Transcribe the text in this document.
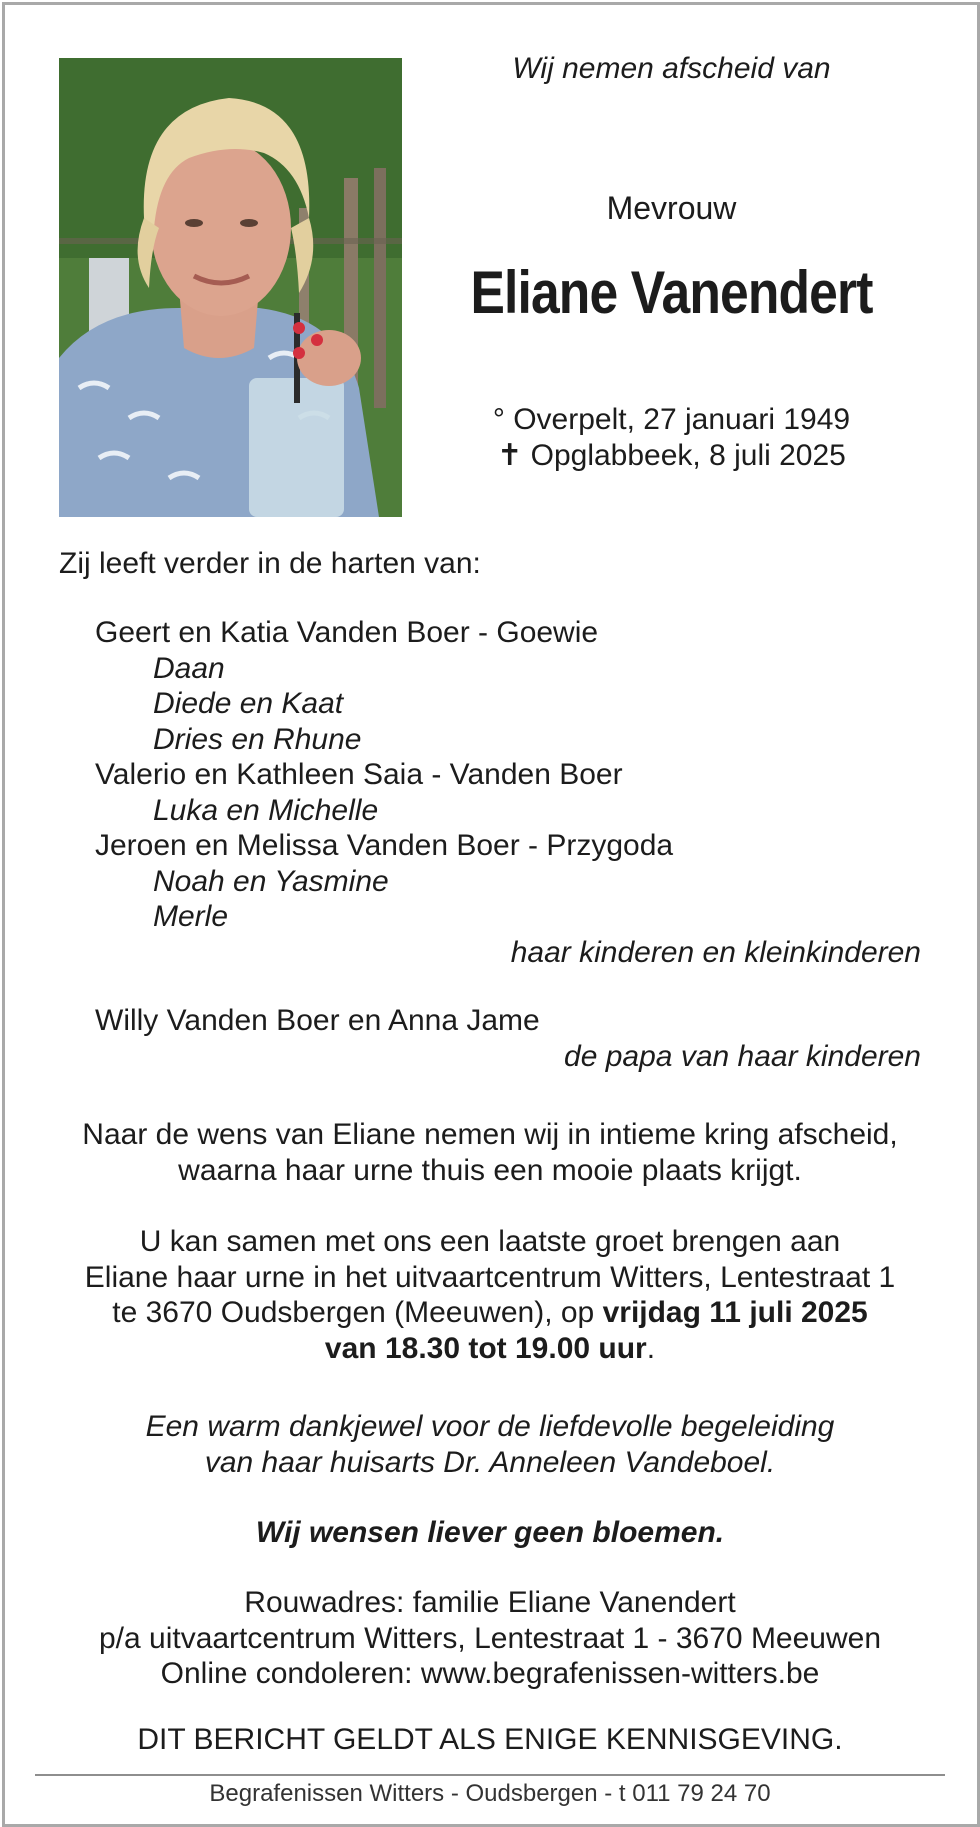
Wij nemen afscheid van
Mevrouw
Eliane Vanendert
° Overpelt, 27 januari 1949
✝ Opglabbeek, 8 juli 2025
Zij leeft verder in de harten van:
Geert en Katia Vanden Boer - Goewie
Daan
Diede en Kaat
Dries en Rhune
Valerio en Kathleen Saia - Vanden Boer
Luka en Michelle
Jeroen en Melissa Vanden Boer - Przygoda
Noah en Yasmine
Merle
haar kinderen en kleinkinderen
Willy Vanden Boer en Anna Jame
de papa van haar kinderen
Naar de wens van Eliane nemen wij in intieme kring afscheid,
waarna haar urne thuis een mooie plaats krijgt.
U kan samen met ons een laatste groet brengen aan
Eliane haar urne in het uitvaartcentrum Witters, Lentestraat 1
te 3670 Oudsbergen (Meeuwen), op vrijdag 11 juli 2025
van 18.30 tot 19.00 uur.
Een warm dankjewel voor de liefdevolle begeleiding
van haar huisarts Dr. Anneleen Vandeboel.
Wij wensen liever geen bloemen.
Rouwadres: familie Eliane Vanendert
p/a uitvaartcentrum Witters, Lentestraat 1 - 3670 Meeuwen
Online condoleren: www.begrafenissen-witters.be
DIT BERICHT GELDT ALS ENIGE KENNISGEVING.
Begrafenissen Witters - Oudsbergen - t 011 79 24 70
